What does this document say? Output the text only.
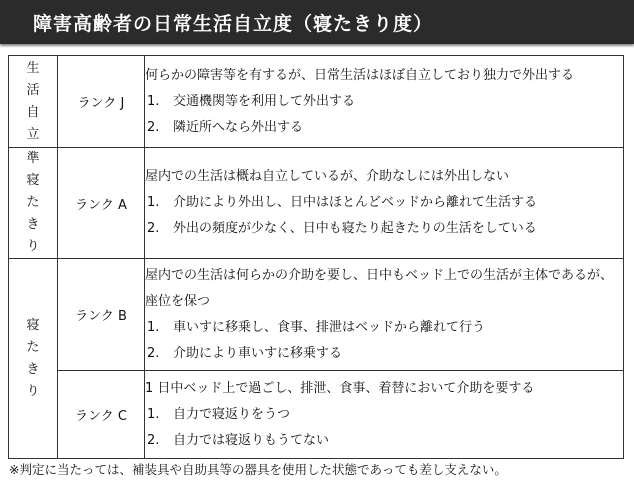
障害高齢者の日常生活自立度（寝たきり度）
生活自立	ランク J	何らかの障害等を有するが、日常生活はほぼ自立しており独力で外出する
1. 交通機関等を利用して外出する
2. 隣近所へなら外出する

準寝たきり	ランク A	屋内での生活は概ね自立しているが、介助なしには外出しない
1. 介助により外出し、日中はほとんどベッドから離れて生活する
2. 外出の頻度が少なく、日中も寝たり起きたりの生活をしている

寝たきり	ランク B	屋内での生活は何らかの介助を要し、日中もベッド上での生活が主体であるが、座位を保つ
1. 車いすに移乗し、食事、排泄はベッドから離れて行う
2. 介助により車いすに移乗する

	ランク C	1 日中ベッド上で過ごし、排泄、食事、着替において介助を要する
1. 自力で寝返りをうつ
2. 自力では寝返りもうてない
※判定に当たっては、補装具や自助具等の器具を使用した状態であっても差し支えない。
